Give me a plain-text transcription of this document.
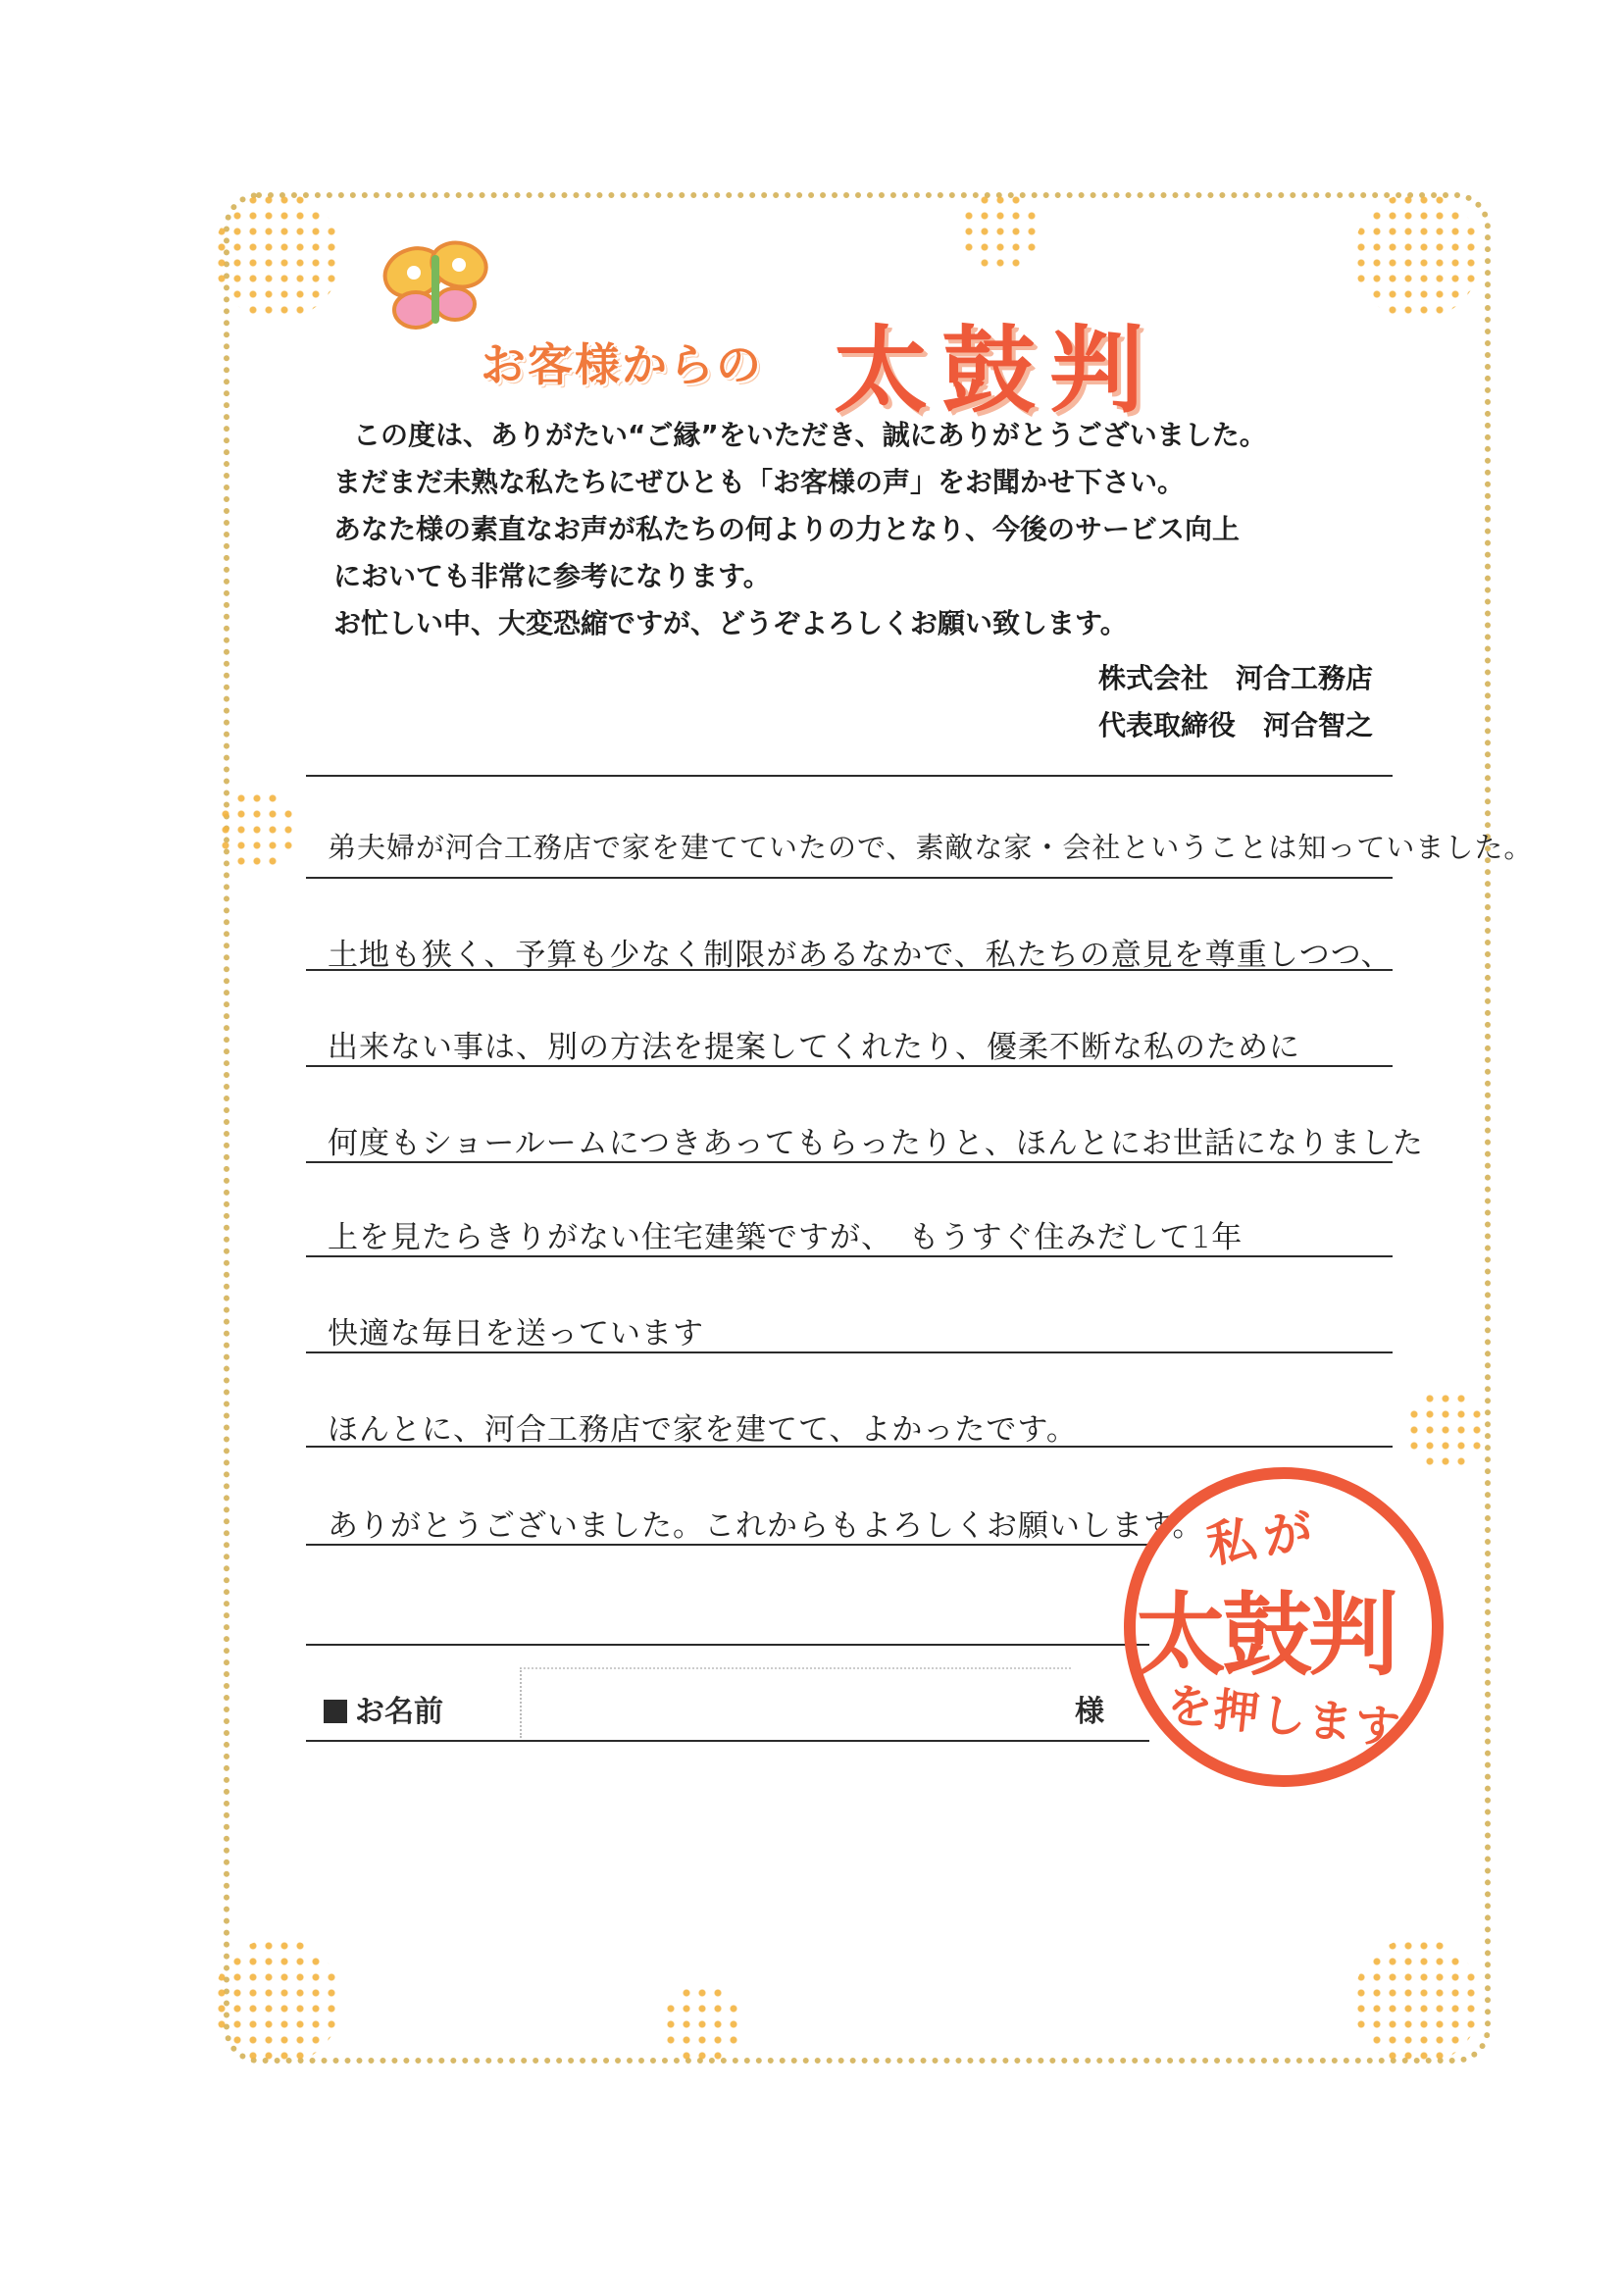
お客様からの 太鼓判
この度は、ありがたい“ご縁”をいただき、誠にありがとうございました。
まだまだ未熟な私たちにぜひとも「お客様の声」をお聞かせ下さい。
あなた様の素直なお声が私たちの何よりの力となり、今後のサービス向上
においても非常に参考になります。
お忙しい中、大変恐縮ですが、どうぞよろしくお願い致します。
株式会社　河合工務店
代表取締役　河合智之
弟夫婦が河合工務店で家を建てていたので、素敵な家・会社ということは知っていました。
土地も狭く、予算も少なく制限があるなかで、私たちの意見を尊重しつつ、
出来ない事は、別の方法を提案してくれたり、優柔不断な私のために
何度もショールームにつきあってもらったりと、ほんとにお世話になりました
上を見たらきりがない住宅建築ですが、　もうすぐ住みだして1年
快適な毎日を送っています
ほんとに、河合工務店で家を建てて、よかったです。
ありがとうございました。これからもよろしくお願いします。
お名前	様
私が
太鼓判
を押します
